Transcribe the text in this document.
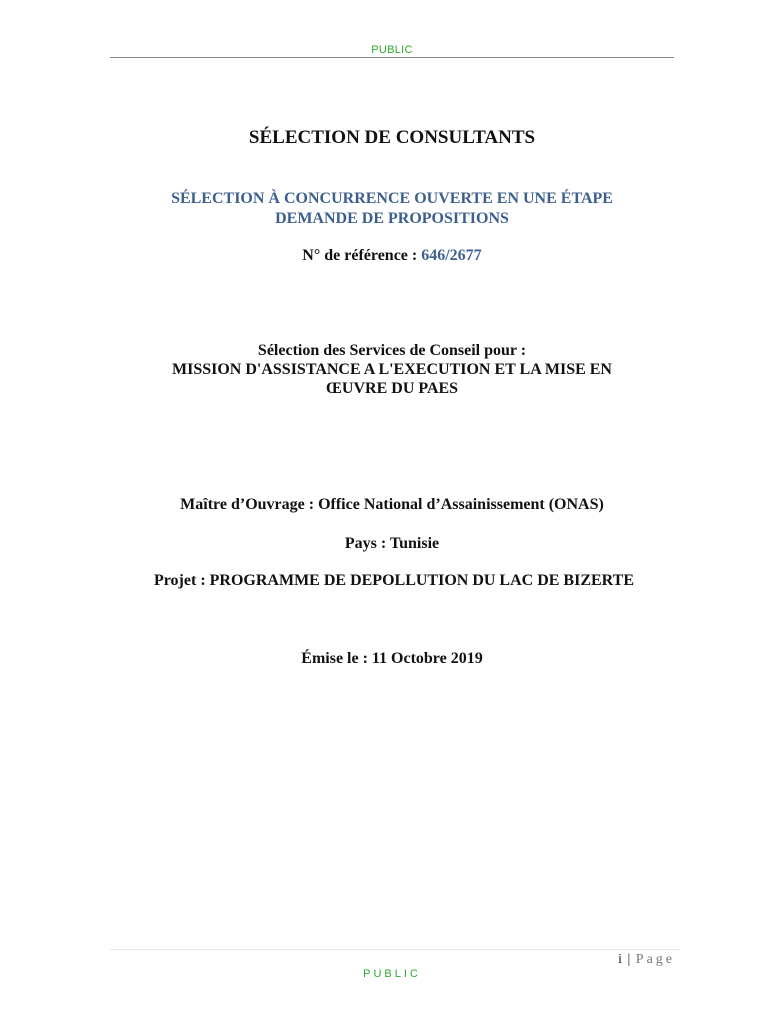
PUBLIC
SÉLECTION DE CONSULTANTS
SÉLECTION À CONCURRENCE OUVERTE EN UNE ÉTAPE
DEMANDE DE PROPOSITIONS
N° de référence : 646/2677
Sélection des Services de Conseil pour :
MISSION D'ASSISTANCE A L'EXECUTION ET LA MISE EN
ŒUVRE DU PAES
Maître d’Ouvrage : Office National d’Assainissement (ONAS)
Pays : Tunisie
Projet : PROGRAMME DE DEPOLLUTION DU LAC DE BIZERTE
Émise le : 11 Octobre 2019
i | Page
PUBLIC
